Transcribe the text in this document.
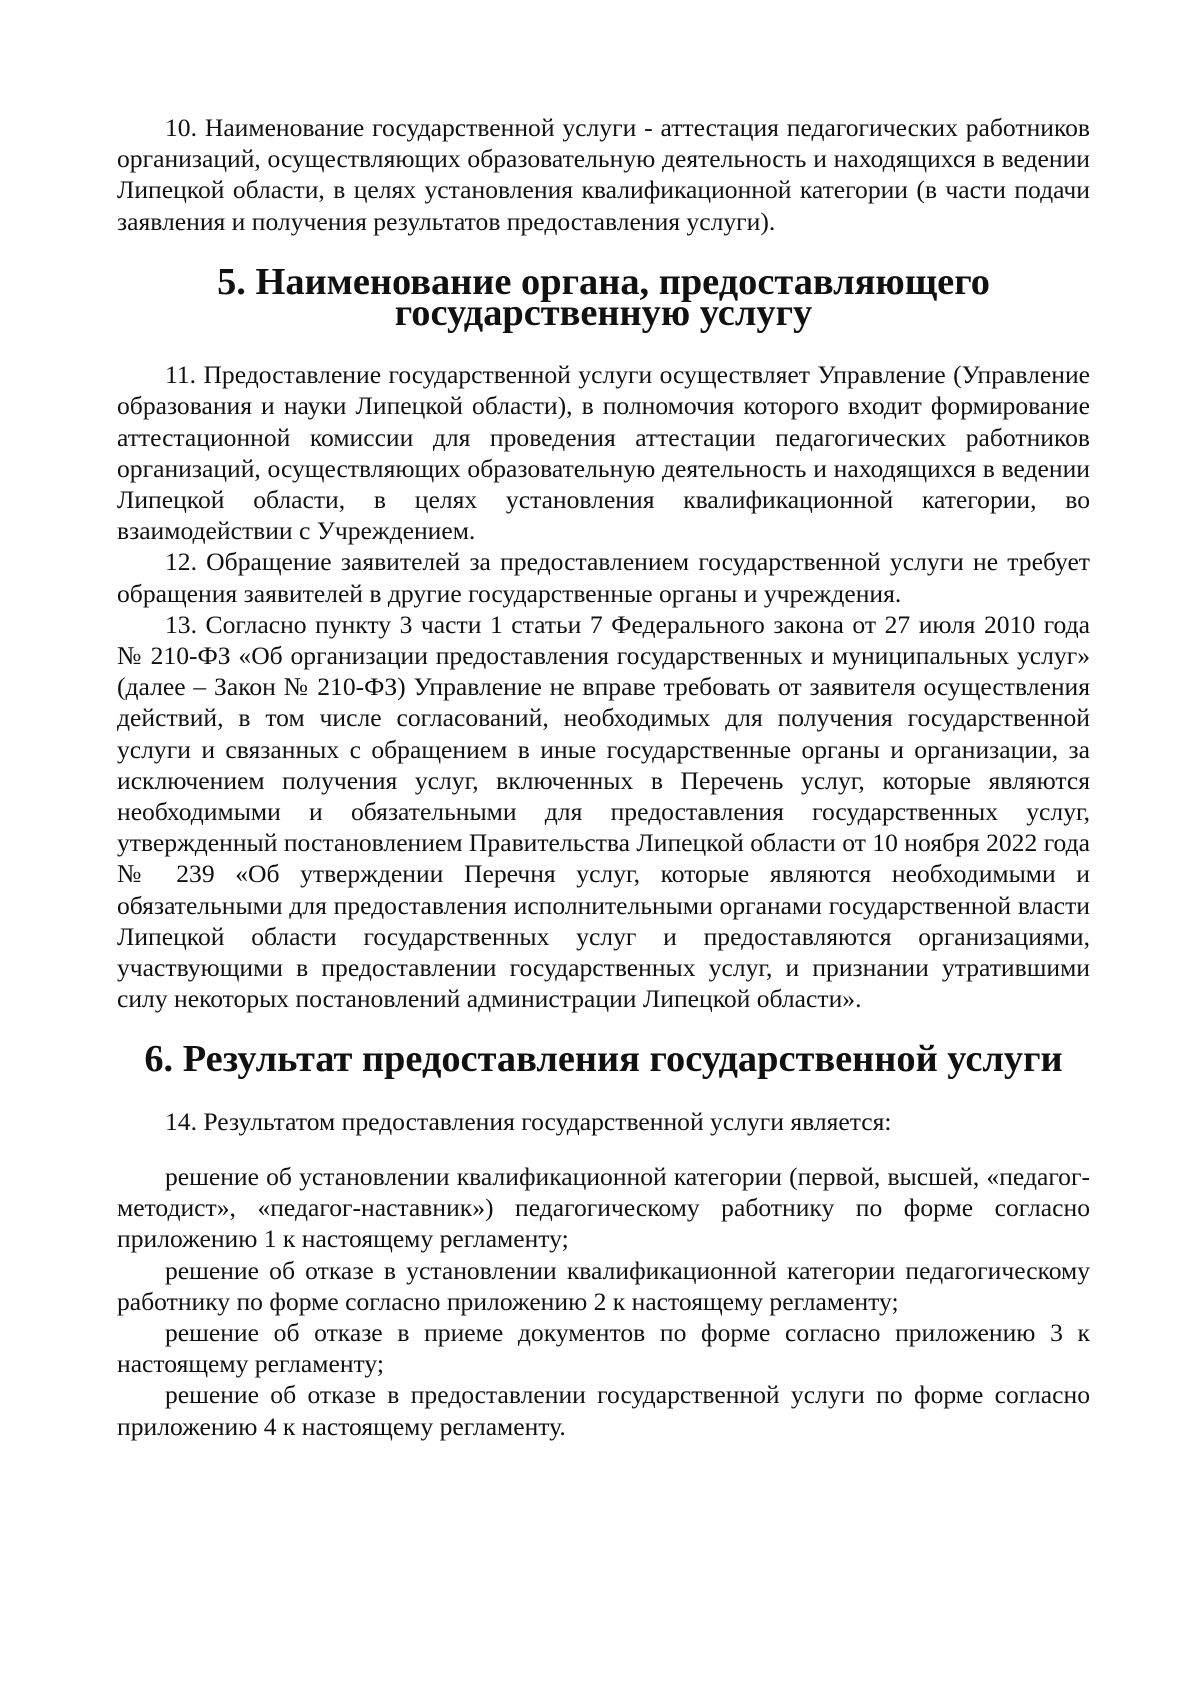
10. Наименование государственной услуги - аттестация педагогических работников организаций, осуществляющих образовательную деятельность и находящихся в ведении Липецкой области, в целях установления квалификационной категории (в части подачи заявления и получения результатов предоставления услуги).

5. Наименование органа, предоставляющего государственную услугу

11. Предоставление государственной услуги осуществляет Управление (Управление образования и науки Липецкой области), в полномочия которого входит формирование аттестационной комиссии для проведения аттестации педагогических работников организаций, осуществляющих образовательную деятельность и находящихся в ведении Липецкой области, в целях установления квалификационной категории, во взаимодействии с Учреждением.

12. Обращение заявителей за предоставлением государственной услуги не требует обращения заявителей в другие государственные органы и учреждения.

13. Согласно пункту 3 части 1 статьи 7 Федерального закона от 27 июля 2010 года № 210-ФЗ «Об организации предоставления государственных и муниципальных услуг» (далее – Закон № 210-ФЗ) Управление не вправе требовать от заявителя осуществления действий, в том числе согласований, необходимых для получения государственной услуги и связанных с обращением в иные государственные органы и организации, за исключением получения услуг, включенных в Перечень услуг, которые являются необходимыми и обязательными для предоставления государственных услуг, утвержденный постановлением Правительства Липецкой области от 10 ноября 2022 года № 239 «Об утверждении Перечня услуг, которые являются необходимыми и обязательными для предоставления исполнительными органами государственной власти Липецкой области государственных услуг и предоставляются организациями, участвующими в предоставлении государственных услуг, и признании утратившими силу некоторых постановлений администрации Липецкой области».

6. Результат предоставления государственной услуги

14. Результатом предоставления государственной услуги является:

решение об установлении квалификационной категории (первой, высшей, «педагог-методист», «педагог-наставник») педагогическому работнику по форме согласно приложению 1 к настоящему регламенту;

решение об отказе в установлении квалификационной категории педагогическому работнику по форме согласно приложению 2 к настоящему регламенту;

решение об отказе в приеме документов по форме согласно приложению 3 к настоящему регламенту;

решение об отказе в предоставлении государственной услуги по форме согласно приложению 4 к настоящему регламенту.
